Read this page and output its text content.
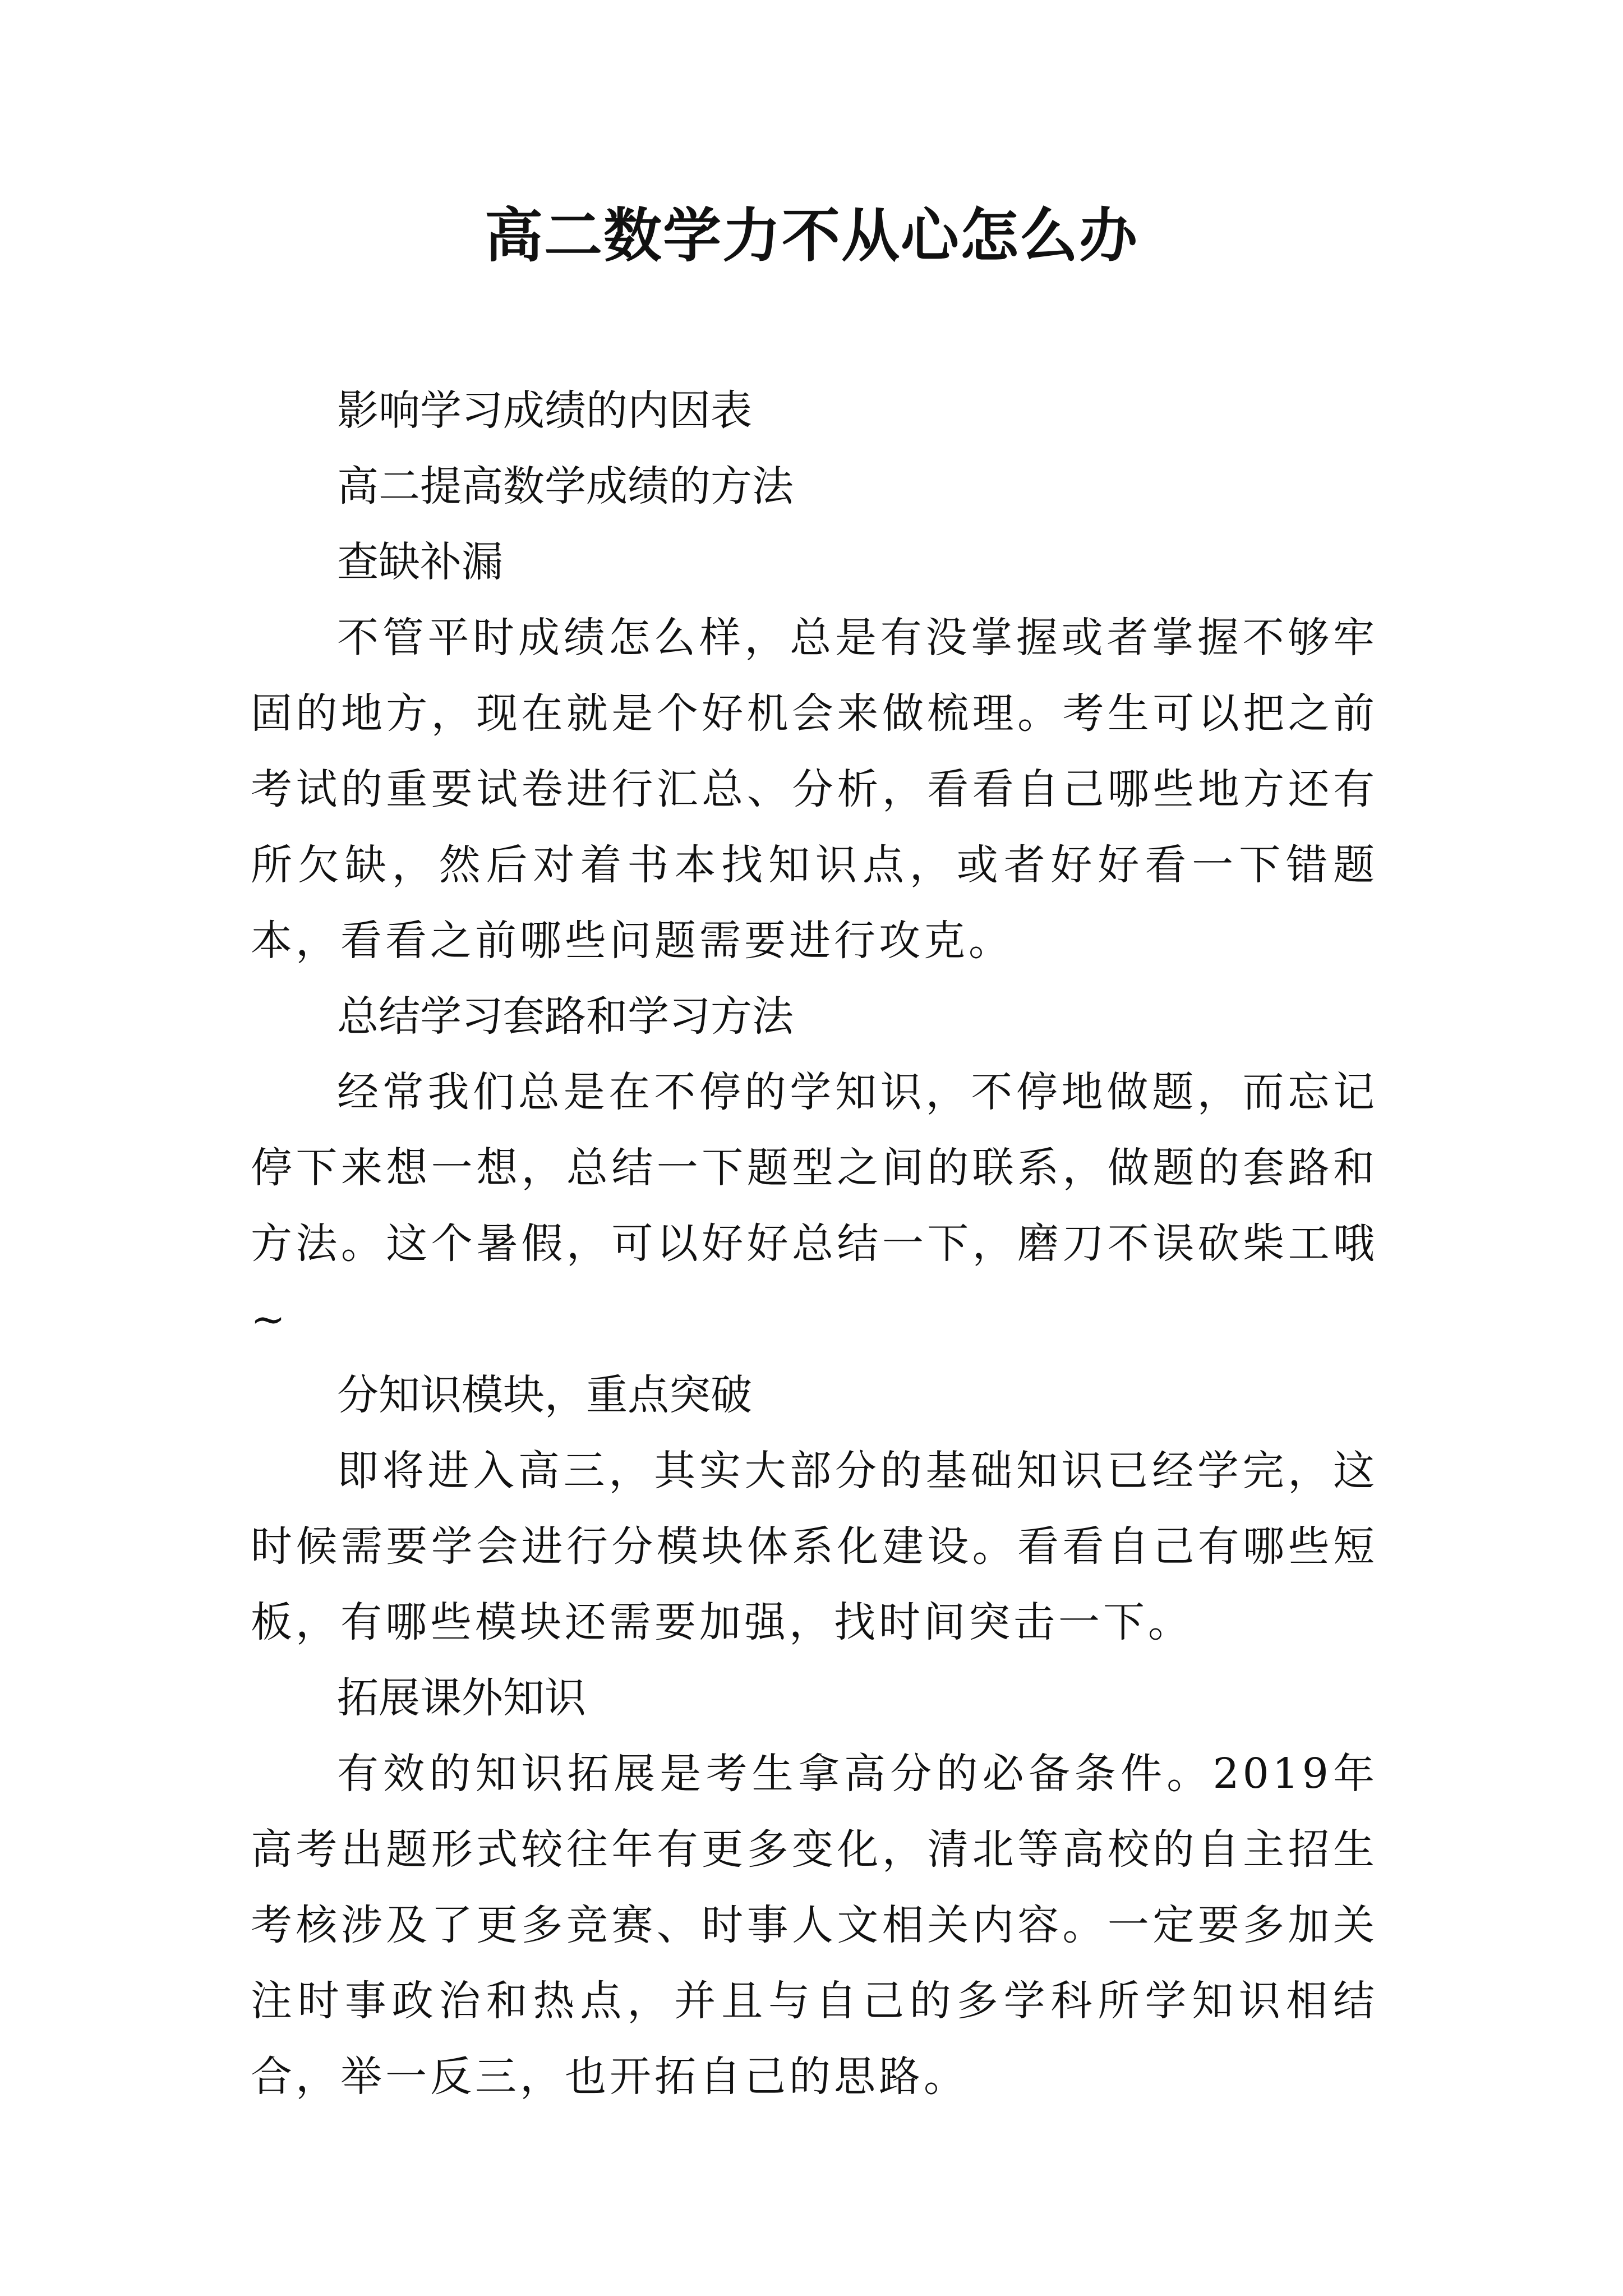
高二数学力不从心怎么办

影响学习成绩的内因表

高二提高数学成绩的方法

查缺补漏

不管平时成绩怎么样，总是有没掌握或者掌握不够牢固的地方，现在就是个好机会来做梳理。考生可以把之前考试的重要试卷进行汇总、分析，看看自己哪些地方还有所欠缺，然后对着书本找知识点，或者好好看一下错题本，看看之前哪些问题需要进行攻克。

总结学习套路和学习方法

经常我们总是在不停的学知识，不停地做题，而忘记停下来想一想，总结一下题型之间的联系，做题的套路和方法。这个暑假，可以好好总结一下，磨刀不误砍柴工哦~

分知识模块，重点突破

即将进入高三，其实大部分的基础知识已经学完，这时候需要学会进行分模块体系化建设。看看自己有哪些短板，有哪些模块还需要加强，找时间突击一下。

拓展课外知识

有效的知识拓展是考生拿高分的必备条件。2019年高考出题形式较往年有更多变化，清北等高校的自主招生考核涉及了更多竞赛、时事人文相关内容。一定要多加关注时事政治和热点，并且与自己的多学科所学知识相结合，举一反三，也开拓自己的思路。
